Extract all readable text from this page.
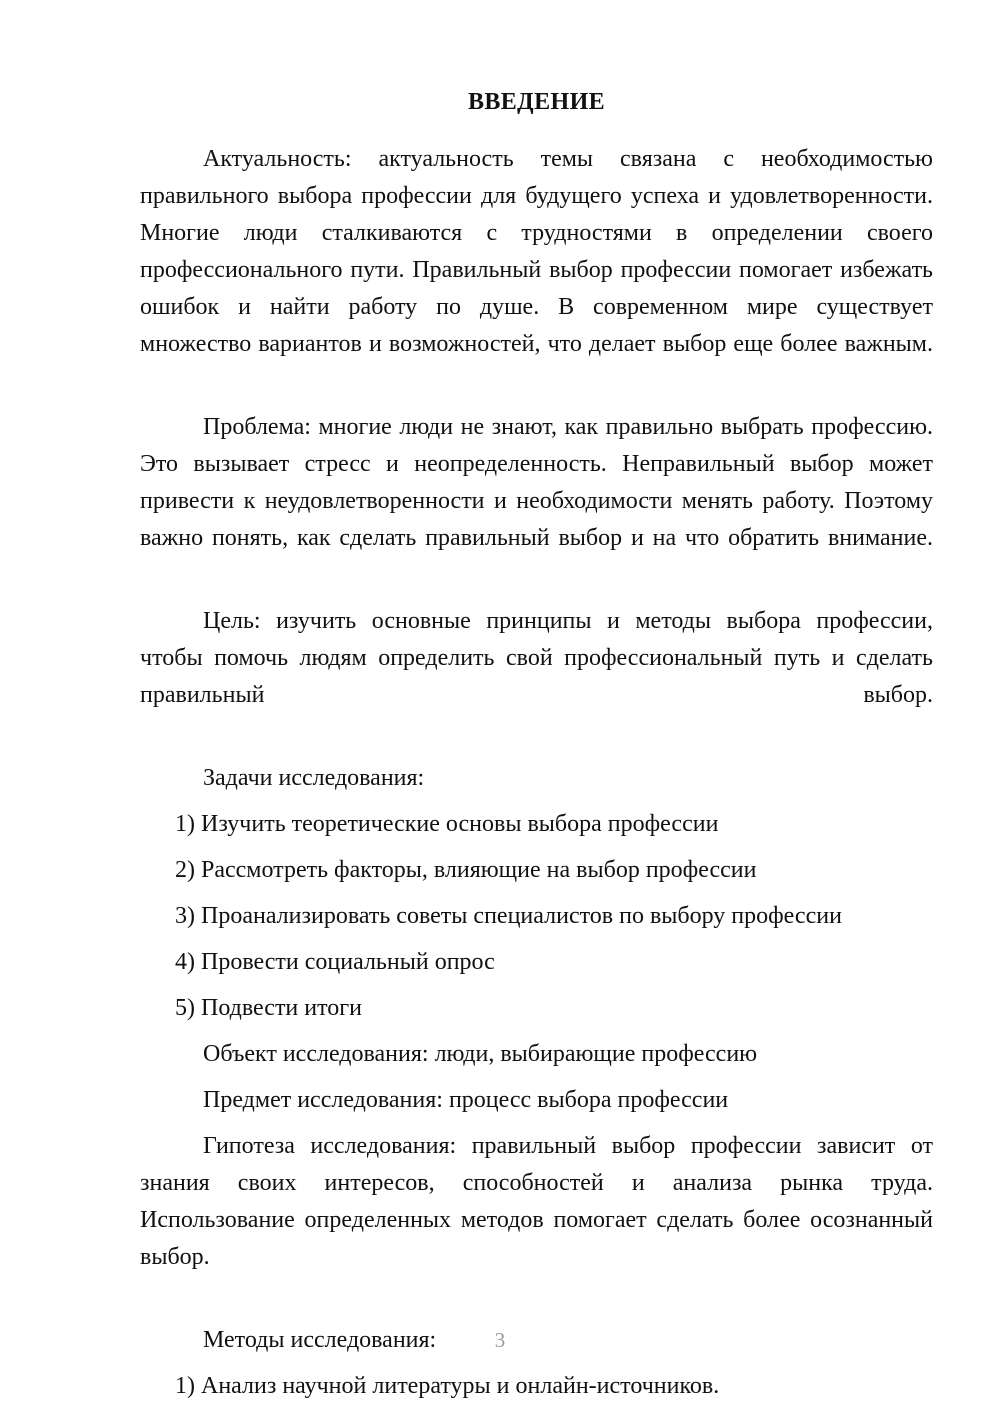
ВВЕДЕНИЕ

Актуальность: актуальность темы связана с необходимостью правильного выбора профессии для будущего успеха и удовлетворенности. Многие люди сталкиваются с трудностями в определении своего профессионального пути. Правильный выбор профессии помогает избежать ошибок и найти работу по душе. В современном мире существует множество вариантов и возможностей, что делает выбор еще более важным.

Проблема: многие люди не знают, как правильно выбрать профессию. Это вызывает стресс и неопределенность. Неправильный выбор может привести к неудовлетворенности и необходимости менять работу. Поэтому важно понять, как сделать правильный выбор и на что обратить внимание.

Цель: изучить основные принципы и методы выбора профессии, чтобы помочь людям определить свой профессиональный путь и сделать правильный выбор.

Задачи исследования:

1) Изучить теоретические основы выбора профессии

2) Рассмотреть факторы, влияющие на выбор профессии

3) Проанализировать советы специалистов по выбору профессии

4) Провести социальный опрос

5) Подвести итоги

Объект исследования: люди, выбирающие профессию

Предмет исследования: процесс выбора профессии

Гипотеза исследования: правильный выбор профессии зависит от знания своих интересов, способностей и анализа рынка труда. Использование определенных методов помогает сделать более осознанный выбор.

Методы исследования:

1) Анализ научной литературы и онлайн-источников.

3
